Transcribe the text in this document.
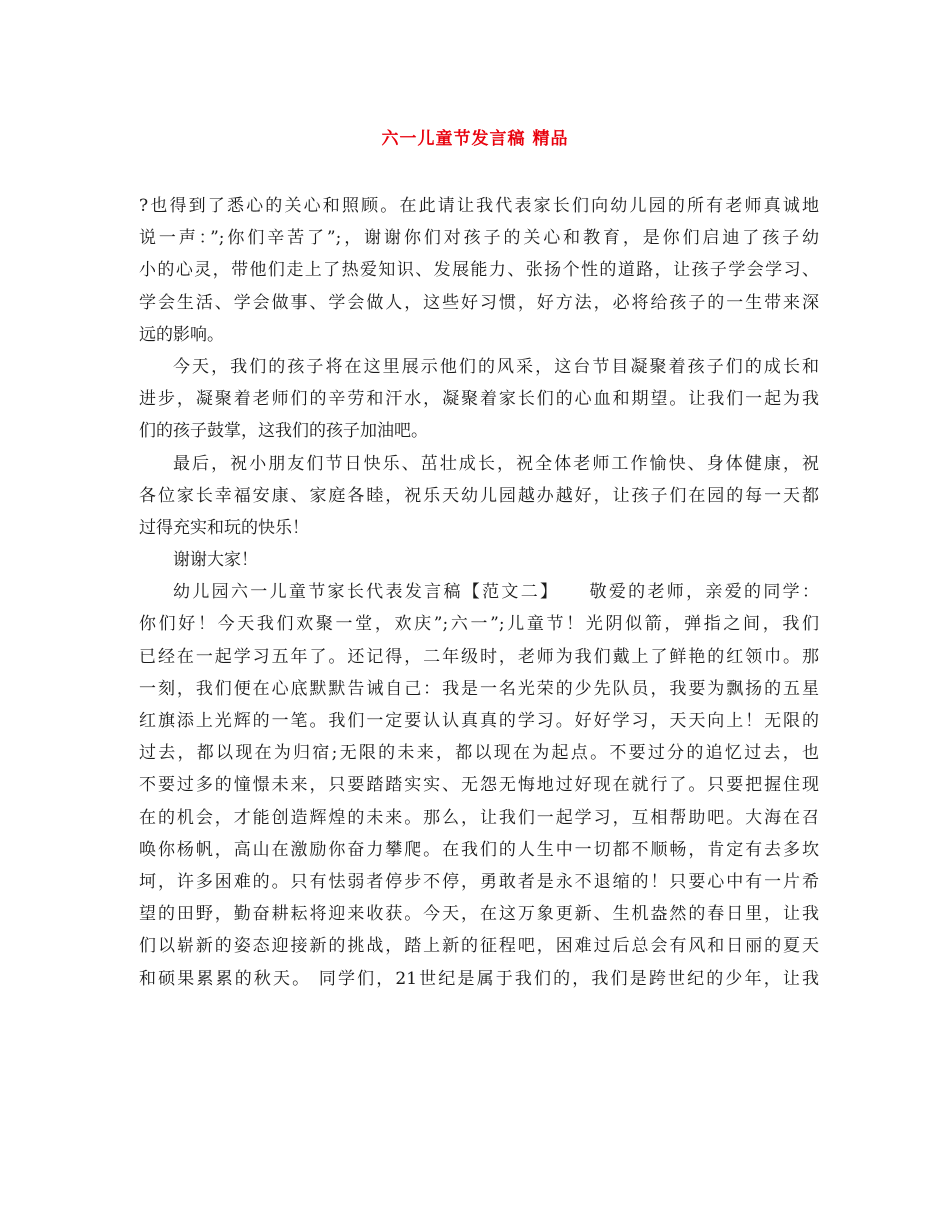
六一儿童节发言稿 精品
?也得到了悉心的关心和照顾。在此请让我代表家长们向幼儿园的所有老师真诚地
说一声：”;你们辛苦了”;，谢谢你们对孩子的关心和教育，是你们启迪了孩子幼
小的心灵，带他们走上了热爱知识、发展能力、张扬个性的道路，让孩子学会学习、
学会生活、学会做事、学会做人，这些好习惯，好方法，必将给孩子的一生带来深
远的影响。
今天，我们的孩子将在这里展示他们的风采，这台节目凝聚着孩子们的成长和
进步，凝聚着老师们的辛劳和汗水，凝聚着家长们的心血和期望。让我们一起为我
们的孩子鼓掌，这我们的孩子加油吧。
最后，祝小朋友们节日快乐、茁壮成长，祝全体老师工作愉快、身体健康，祝
各位家长幸福安康、家庭各睦，祝乐天幼儿园越办越好，让孩子们在园的每一天都
过得充实和玩的快乐！
谢谢大家！
幼儿园六一儿童节家长代表发言稿【范文二】　　敬爱的老师，亲爱的同学：
你们好！今天我们欢聚一堂，欢庆”;六一”;儿童节！光阴似箭，弹指之间，我们
已经在一起学习五年了。还记得，二年级时，老师为我们戴上了鲜艳的红领巾。那
一刻，我们便在心底默默告诫自己：我是一名光荣的少先队员，我要为飘扬的五星
红旗添上光辉的一笔。我们一定要认认真真的学习。好好学习，天天向上！无限的
过去，都以现在为归宿;无限的未来，都以现在为起点。不要过分的追忆过去，也
不要过多的憧憬未来，只要踏踏实实、无怨无悔地过好现在就行了。只要把握住现
在的机会，才能创造辉煌的未来。那么，让我们一起学习，互相帮助吧。大海在召
唤你杨帆，高山在激励你奋力攀爬。在我们的人生中一切都不顺畅，肯定有去多坎
坷，许多困难的。只有怯弱者停步不停，勇敢者是永不退缩的！只要心中有一片希
望的田野，勤奋耕耘将迎来收获。今天，在这万象更新、生机盎然的春日里，让我
们以崭新的姿态迎接新的挑战，踏上新的征程吧，困难过后总会有风和日丽的夏天
和硕果累累的秋天。 同学们，21世纪是属于我们的，我们是跨世纪的少年，让我
